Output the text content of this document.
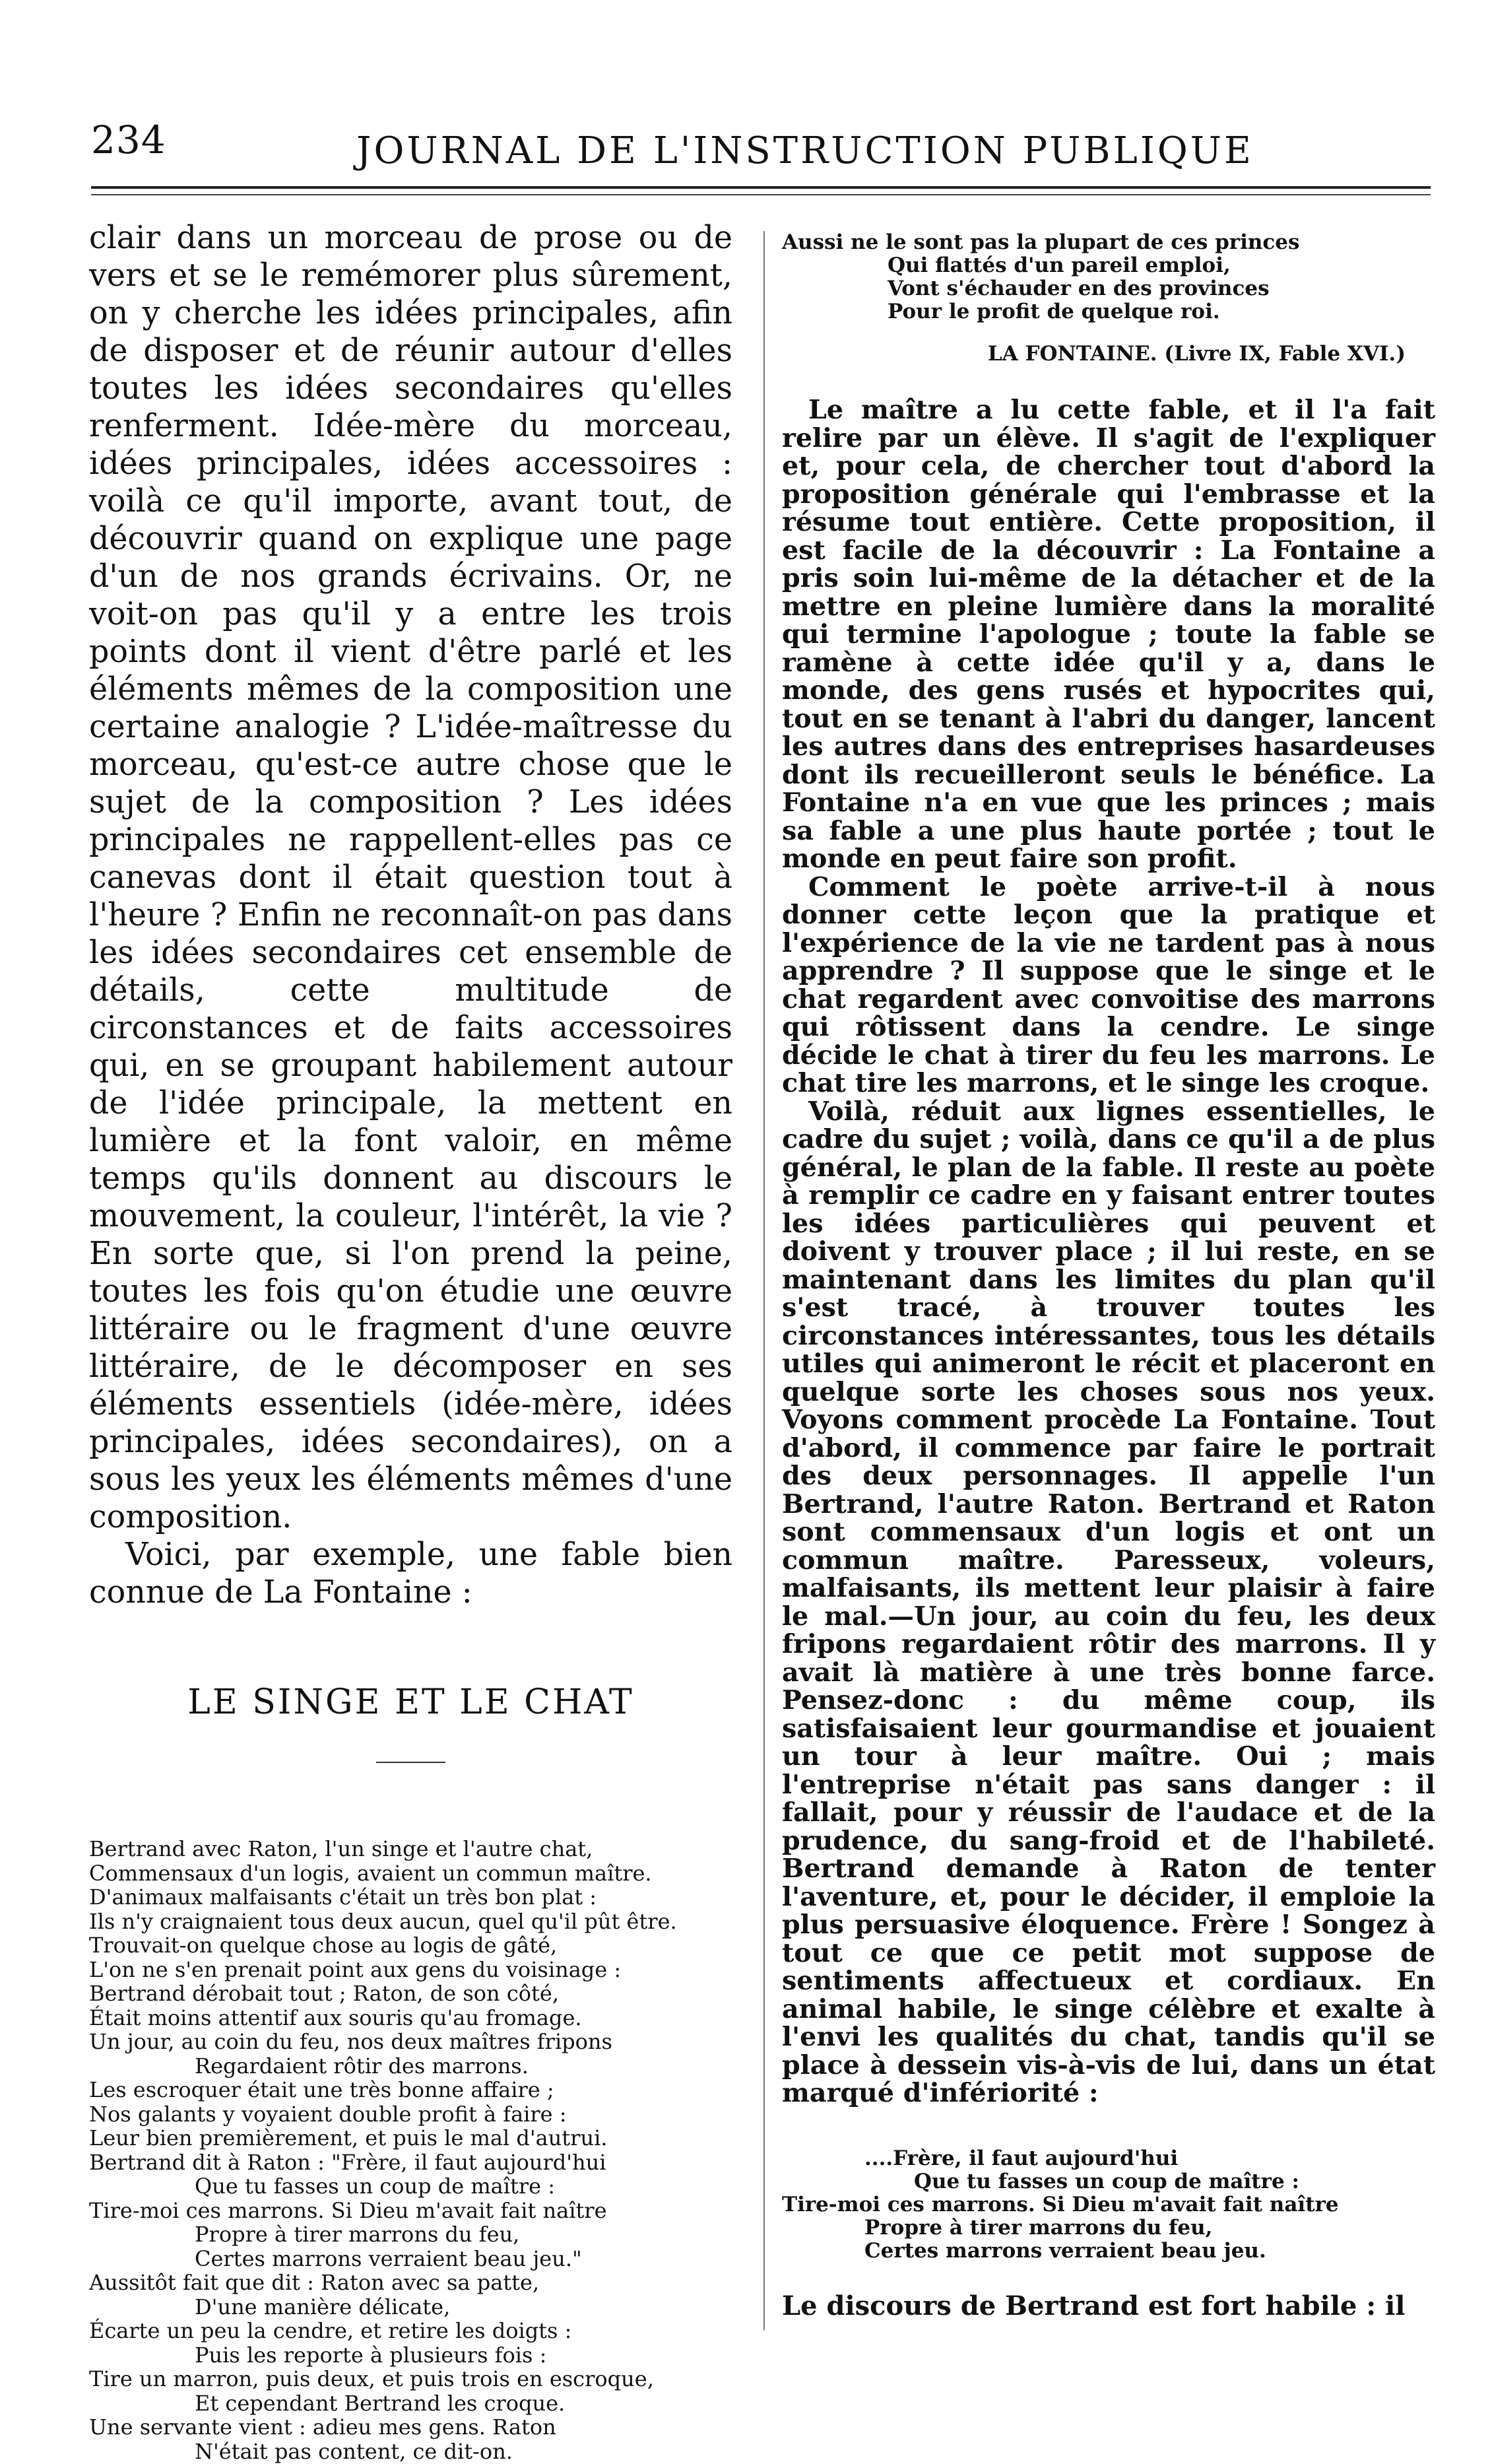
234	JOURNAL DE L'INSTRUCTION PUBLIQUE

clair dans un morceau de prose ou de vers et se le remémorer plus sûrement, on y cherche les idées principales, afin de disposer et de réunir autour d'elles toutes les idées secondaires qu'elles renferment. Idée-mère du morceau, idées principales, idées accessoires : voilà ce qu'il importe, avant tout, de découvrir quand on explique une page d'un de nos grands écrivains. Or, ne voit-on pas qu'il y a entre les trois points dont il vient d'être parlé et les éléments mêmes de la composition une certaine analogie ? L'idée-maîtresse du morceau, qu'est-ce autre chose que le sujet de la composition ? Les idées principales ne rappellent-elles pas ce canevas dont il était question tout à l'heure ? Enfin ne reconnaît-on pas dans les idées secondaires cet ensemble de détails, cette multitude de circonstances et de faits accessoires qui, en se groupant habilement autour de l'idée principale, la mettent en lumière et la font valoir, en même temps qu'ils donnent au discours le mouvement, la couleur, l'intérêt, la vie ? En sorte que, si l'on prend la peine, toutes les fois qu'on étudie une œuvre littéraire ou le fragment d'une œuvre littéraire, de le décomposer en ses éléments essentiels (idée-mère, idées principales, idées secondaires), on a sous les yeux les éléments mêmes d'une composition.

Voici, par exemple, une fable bien connue de La Fontaine :

LE SINGE ET LE CHAT
Bertrand avec Raton, l'un singe et l'autre chat,
Commensaux d'un logis, avaient un commun maître.
D'animaux malfaisants c'était un très bon plat :
Ils n'y craignaient tous deux aucun, quel qu'il pût être.
Trouvait-on quelque chose au logis de gâté,
L'on ne s'en prenait point aux gens du voisinage :
Bertrand dérobait tout ; Raton, de son côté,
Était moins attentif aux souris qu'au fromage.
Un jour, au coin du feu, nos deux maîtres fripons
Regardaient rôtir des marrons.
Les escroquer était une très bonne affaire ;
Nos galants y voyaient double profit à faire :
Leur bien premièrement, et puis le mal d'autrui.
Bertrand dit à Raton : "Frère, il faut aujourd'hui
Que tu fasses un coup de maître :
Tire-moi ces marrons. Si Dieu m'avait fait naître
Propre à tirer marrons du feu,
Certes marrons verraient beau jeu."
Aussitôt fait que dit : Raton avec sa patte,
D'une manière délicate,
Écarte un peu la cendre, et retire les doigts :
Puis les reporte à plusieurs fois :
Tire un marron, puis deux, et puis trois en escroque,
Et cependant Bertrand les croque.
Une servante vient : adieu mes gens. Raton
N'était pas content, ce dit-on.
Aussi ne le sont pas la plupart de ces princes
Qui flattés d'un pareil emploi,
Vont s'échauder en des provinces
Pour le profit de quelque roi.
LA FONTAINE. (Livre IX, Fable XVI.)

Le maître a lu cette fable, et il l'a fait relire par un élève. Il s'agit de l'expliquer et, pour cela, de chercher tout d'abord la proposition générale qui l'embrasse et la résume tout entière. Cette proposition, il est facile de la découvrir : La Fontaine a pris soin lui-même de la détacher et de la mettre en pleine lumière dans la moralité qui termine l'apologue ; toute la fable se ramène à cette idée qu'il y a, dans le monde, des gens rusés et hypocrites qui, tout en se tenant à l'abri du danger, lancent les autres dans des entreprises hasardeuses dont ils recueilleront seuls le bénéfice. La Fontaine n'a en vue que les princes ; mais sa fable a une plus haute portée ; tout le monde en peut faire son profit.

Comment le poète arrive-t-il à nous donner cette leçon que la pratique et l'expérience de la vie ne tardent pas à nous apprendre ? Il suppose que le singe et le chat regardent avec convoitise des marrons qui rôtissent dans la cendre. Le singe décide le chat à tirer du feu les marrons. Le chat tire les marrons, et le singe les croque.

Voilà, réduit aux lignes essentielles, le cadre du sujet ; voilà, dans ce qu'il a de plus général, le plan de la fable. Il reste au poète à remplir ce cadre en y faisant entrer toutes les idées particulières qui peuvent et doivent y trouver place ; il lui reste, en se maintenant dans les limites du plan qu'il s'est tracé, à trouver toutes les circonstances intéressantes, tous les détails utiles qui animeront le récit et placeront en quelque sorte les choses sous nos yeux. Voyons comment procède La Fontaine. Tout d'abord, il commence par faire le portrait des deux personnages. Il appelle l'un Bertrand, l'autre Raton. Bertrand et Raton sont commensaux d'un logis et ont un commun maître. Paresseux, voleurs, malfaisants, ils mettent leur plaisir à faire le mal.—Un jour, au coin du feu, les deux fripons regardaient rôtir des marrons. Il y avait là matière à une très bonne farce. Pensez-donc : du même coup, ils satisfaisaient leur gourmandise et jouaient un tour à leur maître. Oui ; mais l'entreprise n'était pas sans danger : il fallait, pour y réussir de l'audace et de la prudence, du sang-froid et de l'habileté. Bertrand demande à Raton de tenter l'aventure, et, pour le décider, il emploie la plus persuasive éloquence. Frère ! Songez à tout ce que ce petit mot suppose de sentiments affectueux et cordiaux. En animal habile, le singe célèbre et exalte à l'envi les qualités du chat, tandis qu'il se place à dessein vis-à-vis de lui, dans un état marqué d'infériorité :

....Frère, il faut aujourd'hui
Que tu fasses un coup de maître :
Tire-moi ces marrons. Si Dieu m'avait fait naître
Propre à tirer marrons du feu,
Certes marrons verraient beau jeu.
Le discours de Bertrand est fort habile : il
